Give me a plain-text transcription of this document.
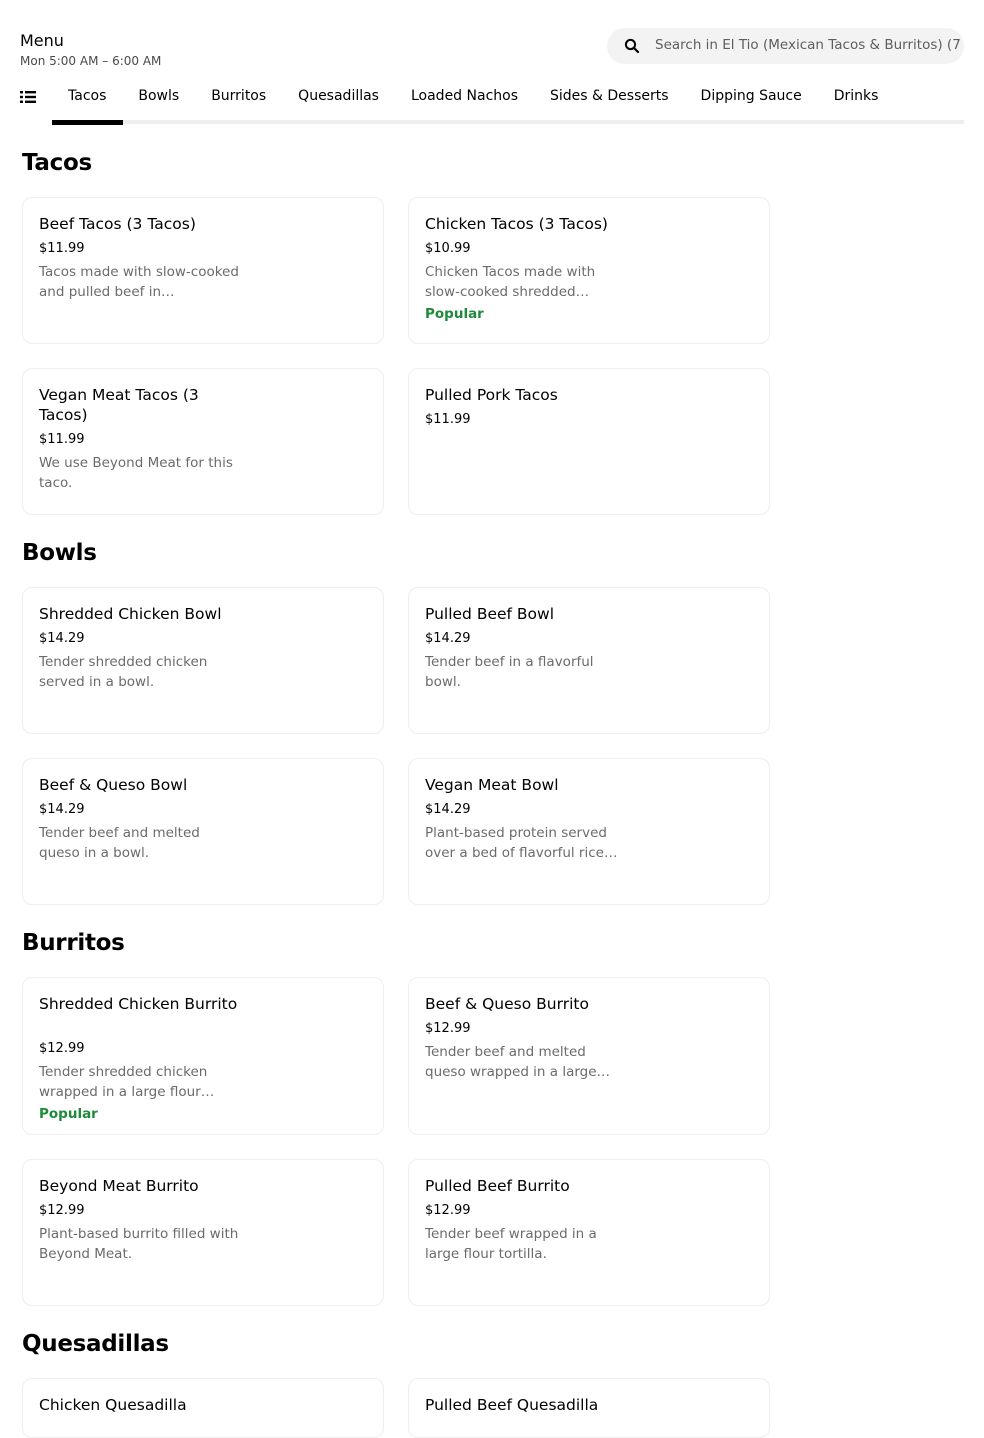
Menu
Mon 5:00 AM – 6:00 AM
Search in El Tio (Mexican Tacos & Burritos) (7
Tacos	Bowls	Burritos	Quesadillas	Loaded Nachos	Sides & Desserts	Dipping Sauce	Drinks
Tacos
Beef Tacos (3 Tacos)
$11.99
Tacos made with slow-cooked and pulled beef in…
Chicken Tacos (3 Tacos)
$10.99
Chicken Tacos made with slow-cooked shredded…
Popular
Vegan Meat Tacos (3 Tacos)
$11.99
We use Beyond Meat for this taco.
Pulled Pork Tacos
$11.99
Bowls
Shredded Chicken Bowl
$14.29
Tender shredded chicken served in a bowl.
Pulled Beef Bowl
$14.29
Tender beef in a flavorful bowl.
Beef & Queso Bowl
$14.29
Tender beef and melted queso in a bowl.
Vegan Meat Bowl
$14.29
Plant-based protein served over a bed of flavorful rice…
Burritos
Shredded Chicken Burrito
$12.99
Tender shredded chicken wrapped in a large flour…
Popular
Beef & Queso Burrito
$12.99
Tender beef and melted queso wrapped in a large…
Beyond Meat Burrito
$12.99
Plant-based burrito filled with Beyond Meat.
Pulled Beef Burrito
$12.99
Tender beef wrapped in a large flour tortilla.
Quesadillas
Chicken Quesadilla	Pulled Beef Quesadilla
